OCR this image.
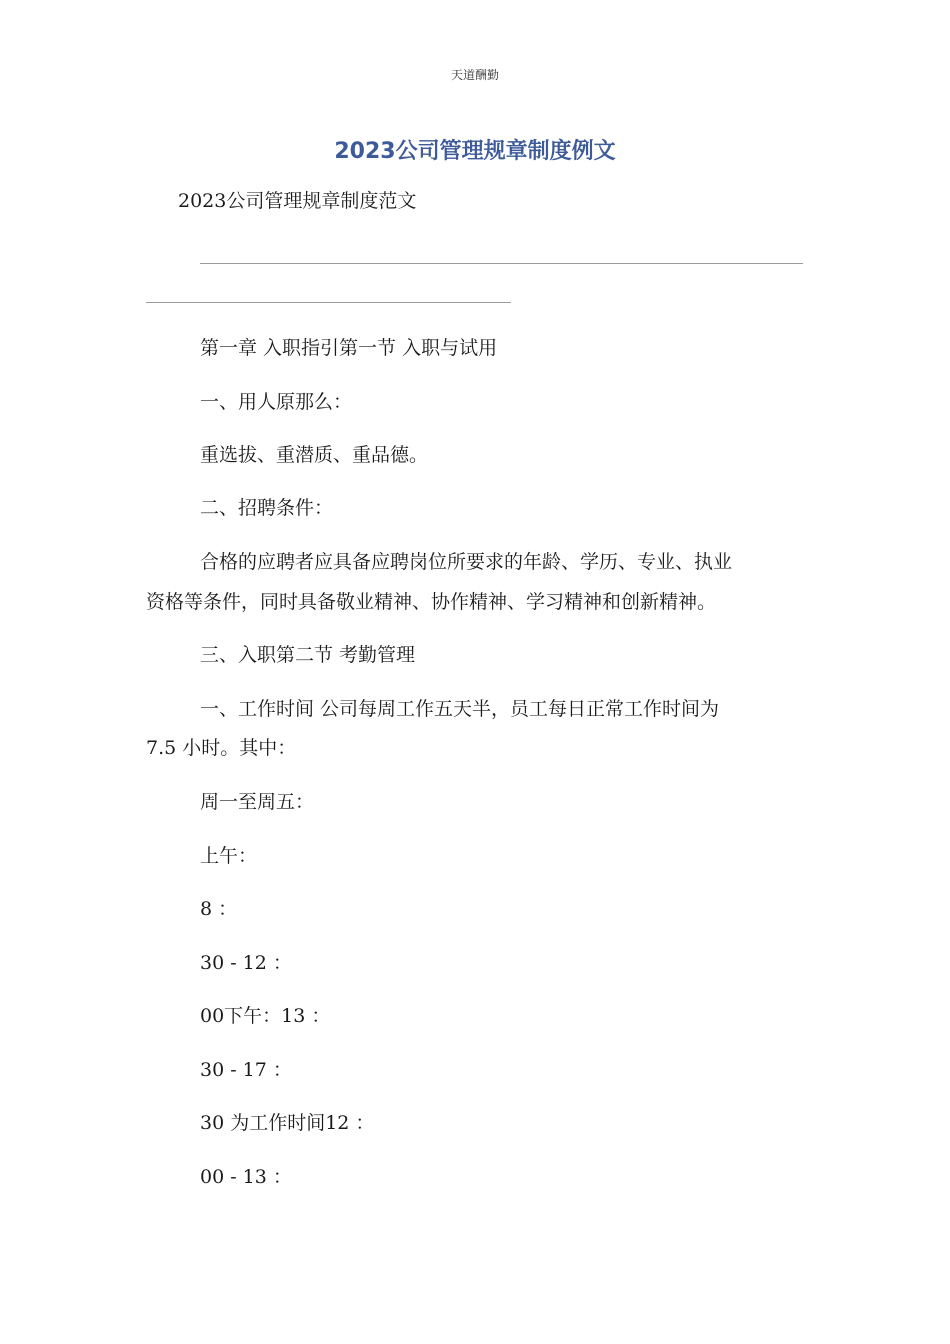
天道酬勤
2023公司管理规章制度例文
2023公司管理规章制度范文
第一章 入职指引第一节 入职与试用
一、用人原那么：
重选拔、重潜质、重品德。
二、招聘条件：
合格的应聘者应具备应聘岗位所要求的年龄、学历、专业、执业
资格等条件，同时具备敬业精神、协作精神、学习精神和创新精神。
三、入职第二节 考勤管理
一、工作时间 公司每周工作五天半，员工每日正常工作时间为
7.5 小时。其中：
周一至周五：
上午：
8 ：
30 - 12 ：
00下午：13 ：
30 - 17 ：
30 为工作时间12 ：
00 - 13 ：
